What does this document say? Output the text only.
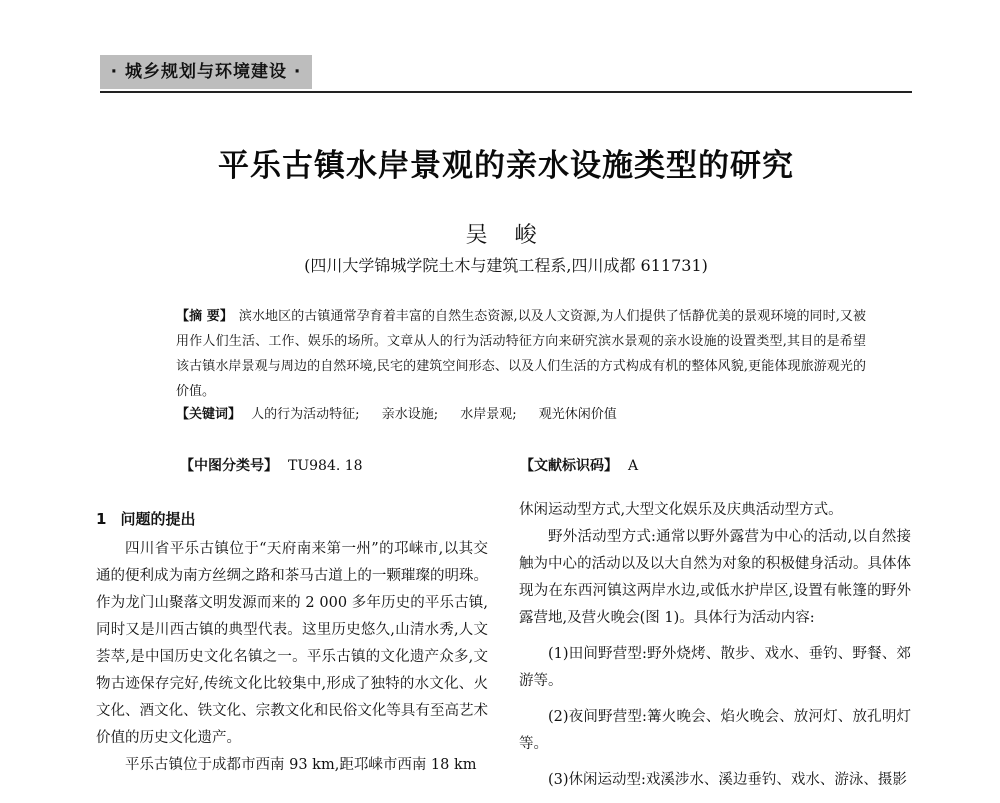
· 城乡规划与环境建设 ·
平乐古镇水岸景观的亲水设施类型的研究
吴 峻
(四川大学锦城学院土木与建筑工程系,四川成都 611731)
【摘 要】 滨水地区的古镇通常孕育着丰富的自然生态资源,以及人文资源,为人们提供了恬静优美的景观环境的同时,又被用作人们生活、工作、娱乐的场所。文章从人的行为活动特征方向来研究滨水景观的亲水设施的设置类型,其目的是希望该古镇水岸景观与周边的自然环境,民宅的建筑空间形态、以及人们生活的方式构成有机的整体风貌,更能体现旅游观光的价值。
【关键词】 人的行为活动特征; 亲水设施; 水岸景观; 观光休闲价值
【中图分类号】 TU984. 18	【文献标识码】 A

1 问题的提出

四川省平乐古镇位于“天府南来第一州”的邛崃市,以其交通的便利成为南方丝绸之路和茶马古道上的一颗璀璨的明珠。作为龙门山聚落文明发源而来的 2 000 多年历史的平乐古镇,同时又是川西古镇的典型代表。这里历史悠久,山清水秀,人文荟萃,是中国历史文化名镇之一。平乐古镇的文化遗产众多,文物古迹保存完好,传统文化比较集中,形成了独特的水文化、火文化、酒文化、铁文化、宗教文化和民俗文化等具有至高艺术价值的历史文化遗产。

平乐古镇位于成都市西南 93 km,距邛崃市西南 18 km

休闲运动型方式,大型文化娱乐及庆典活动型方式。

野外活动型方式:通常以野外露营为中心的活动,以自然接触为中心的活动以及以大自然为对象的积极健身活动。具体体现为在东西河镇这两岸水边,或低水护岸区,设置有帐篷的野外露营地,及营火晚会(图 1)。具体行为活动内容:

(1)田间野营型:野外烧烤、散步、戏水、垂钓、野餐、郊游等。

(2)夜间野营型:篝火晚会、焰火晚会、放河灯、放孔明灯等。

(3)休闲运动型:戏溪涉水、溪边垂钓、戏水、游泳、摄影
